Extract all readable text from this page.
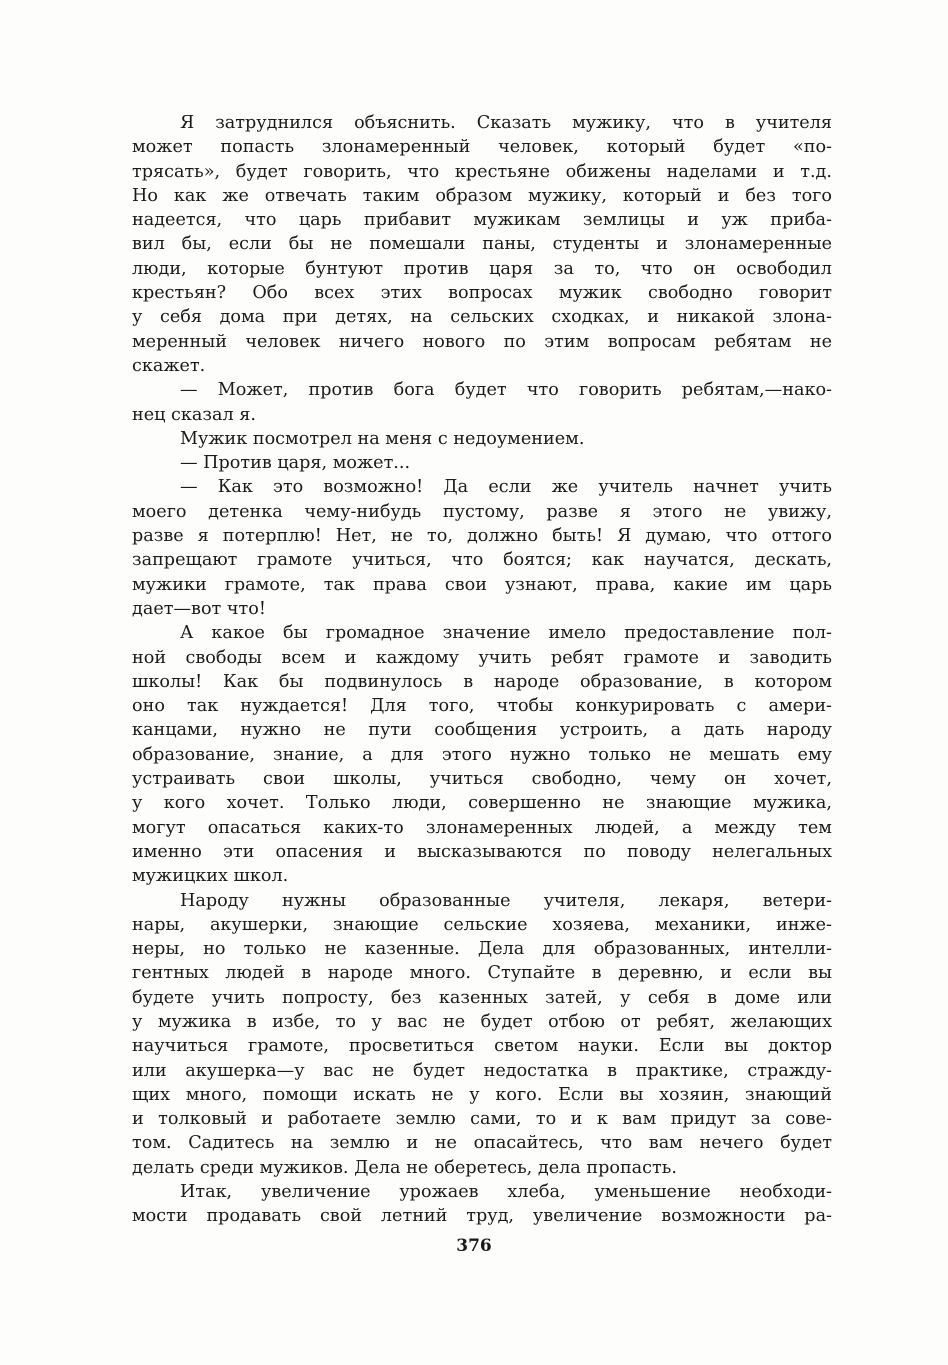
Я затруднился объяснить. Сказать мужику, что в учителя
может попасть злонамеренный человек, который будет «по-
трясать», будет говорить, что крестьяне обижены наделами и т.д.
Но как же отвечать таким образом мужику, который и без того
надеется, что царь прибавит мужикам землицы и уж приба-
вил бы, если бы не помешали паны, студенты и злонамеренные
люди, которые бунтуют против царя за то, что он освободил
крестьян? Обо всех этих вопросах мужик свободно говорит
у себя дома при детях, на сельских сходках, и никакой злона-
меренный человек ничего нового по этим вопросам ребятам не
скажет.
— Может, против бога будет что говорить ребятам,—нако-
нец сказал я.
Мужик посмотрел на меня с недоумением.
— Против царя, может...
— Как это возможно! Да если же учитель начнет учить
моего детенка чему-нибудь пустому, разве я этого не увижу,
разве я потерплю! Нет, не то, должно быть! Я думаю, что оттого
запрещают грамоте учиться, что боятся; как научатся, дескать,
мужики грамоте, так права свои узнают, права, какие им царь
дает—вот что!
А какое бы громадное значение имело предоставление пол-
ной свободы всем и каждому учить ребят грамоте и заводить
школы! Как бы подвинулось в народе образование, в котором
оно так нуждается! Для того, чтобы конкурировать с амери-
канцами, нужно не пути сообщения устроить, а дать народу
образование, знание, а для этого нужно только не мешать ему
устраивать свои школы, учиться свободно, чему он хочет,
у кого хочет. Только люди, совершенно не знающие мужика,
могут опасаться каких-то злонамеренных людей, а между тем
именно эти опасения и высказываются по поводу нелегальных
мужицких школ.
Народу нужны образованные учителя, лекаря, ветери-
нары, акушерки, знающие сельские хозяева, механики, инже-
неры, но только не казенные. Дела для образованных, интелли-
гентных людей в народе много. Ступайте в деревню, и если вы
будете учить попросту, без казенных затей, у себя в доме или
у мужика в избе, то у вас не будет отбою от ребят, желающих
научиться грамоте, просветиться светом науки. Если вы доктор
или акушерка—у вас не будет недостатка в практике, стражду-
щих много, помощи искать не у кого. Если вы хозяин, знающий
и толковый и работаете землю сами, то и к вам придут за сове-
том. Садитесь на землю и не опасайтесь, что вам нечего будет
делать среди мужиков. Дела не оберетесь, дела пропасть.
Итак, увеличение урожаев хлеба, уменьшение необходи-
мости продавать свой летний труд, увеличение возможности ра-
376
